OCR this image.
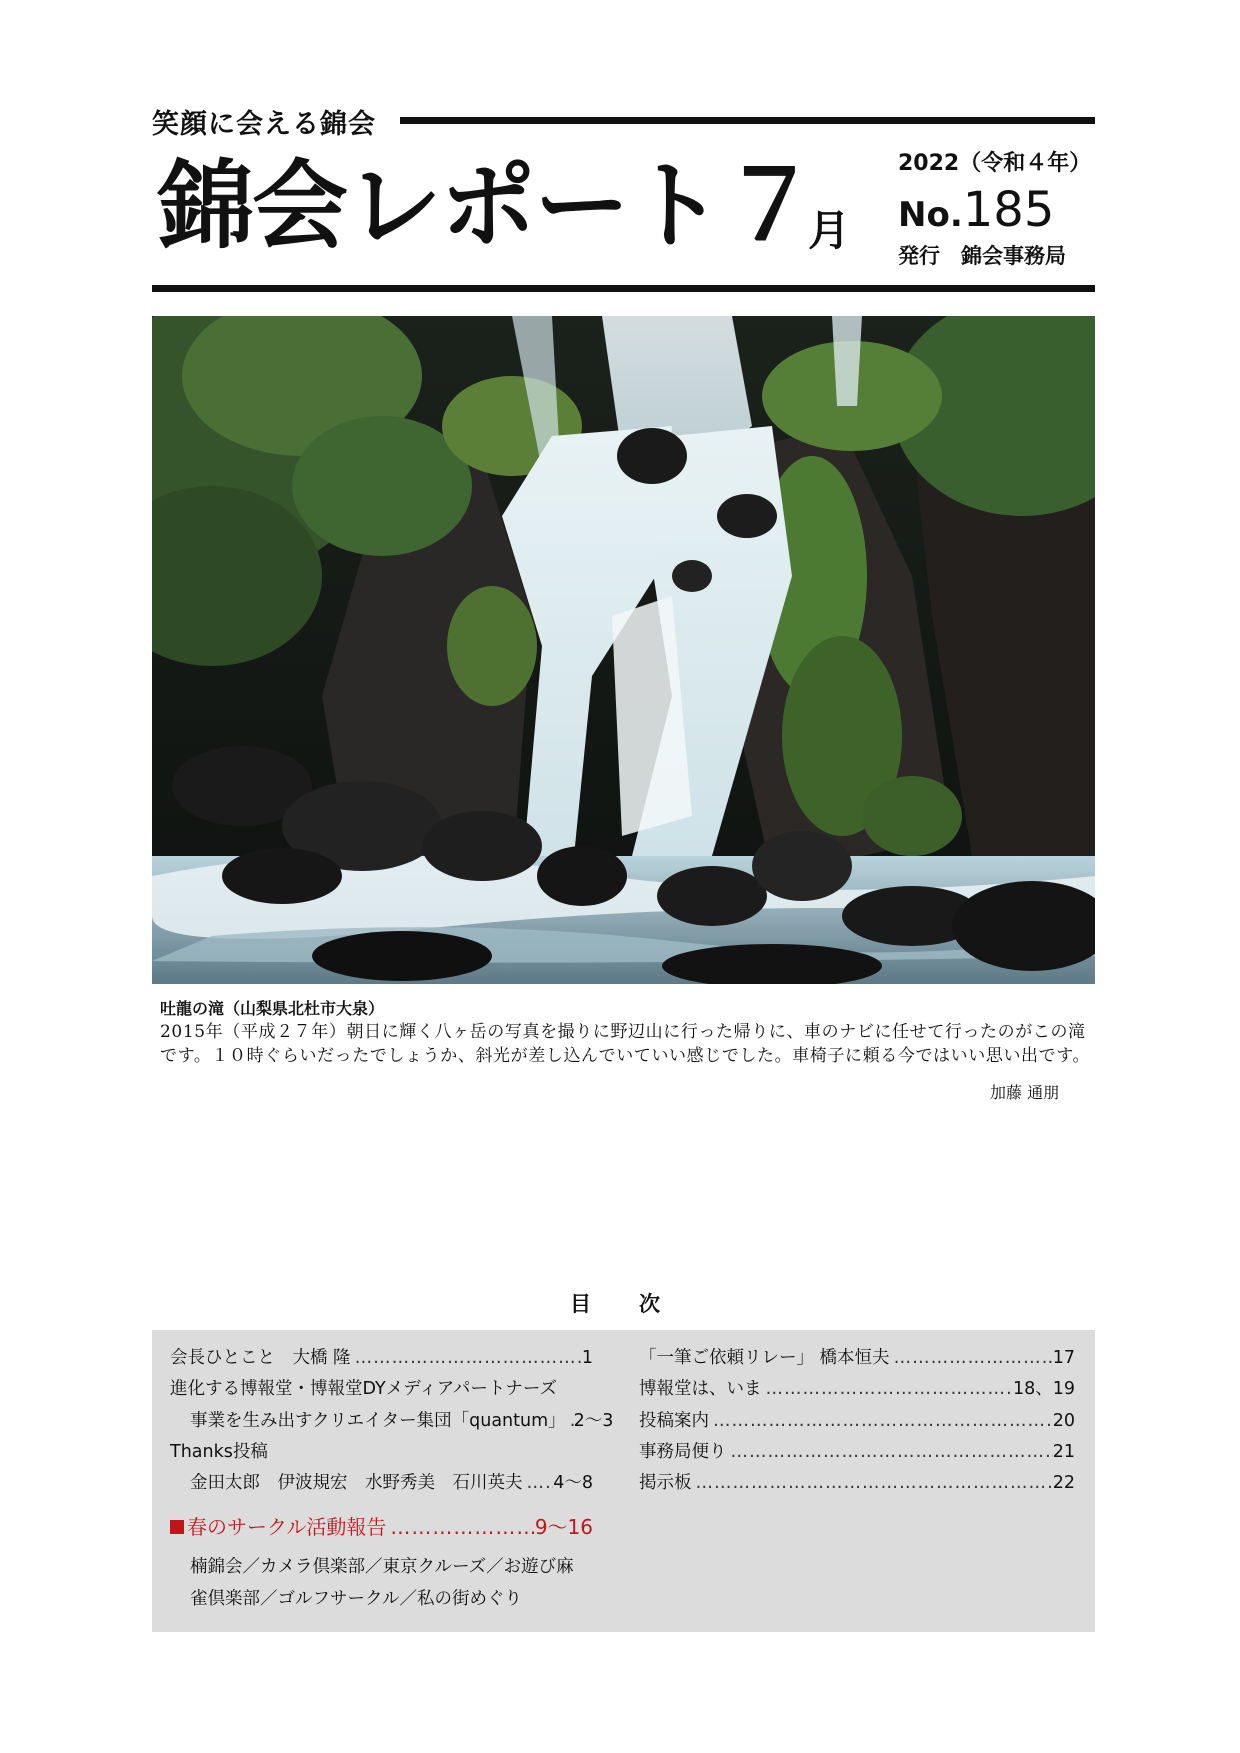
笑顔に会える錦会
錦会レポート７
月
2022（令和４年）
No.185
発行　錦会事務局
吐龍の滝（山梨県北杜市大泉）
2015年（平成２７年）朝日に輝く八ヶ岳の写真を撮りに野辺山に行った帰りに、車のナビに任せて行ったのがこの滝です。１０時ぐらいだったでしょうか、斜光が差し込んでいていい感じでした。車椅子に頼る今ではいい思い出です。
加藤 通朋
目　　次
会長ひとこと　大橋 隆 …………………………………………………………………………………………	1
進化する博報堂・博報堂DYメディアパートナーズ
事業を生み出すクリエイター集団「quantum」 ………………………………………………………………………………………… 2〜3
Thanks投稿
金田太郎　伊波規宏　水野秀美　石川英夫 ………………………………………………………………………………………… 4〜8
春のサークル活動報告 …………………………………………………………………………………………	9〜16
楠錦会／カメラ倶楽部／東京クルーズ／お遊び麻
雀倶楽部／ゴルフサークル／私の街めぐり
「一筆ご依頼リレー」 橋本恒夫 …………………………………………………………………………………………	17
博報堂は、いま …………………………………………………………………………………………	18、19
投稿案内 …………………………………………………………………………………………	20
事務局便り …………………………………………………………………………………………	21
掲示板 …………………………………………………………………………………………	22
